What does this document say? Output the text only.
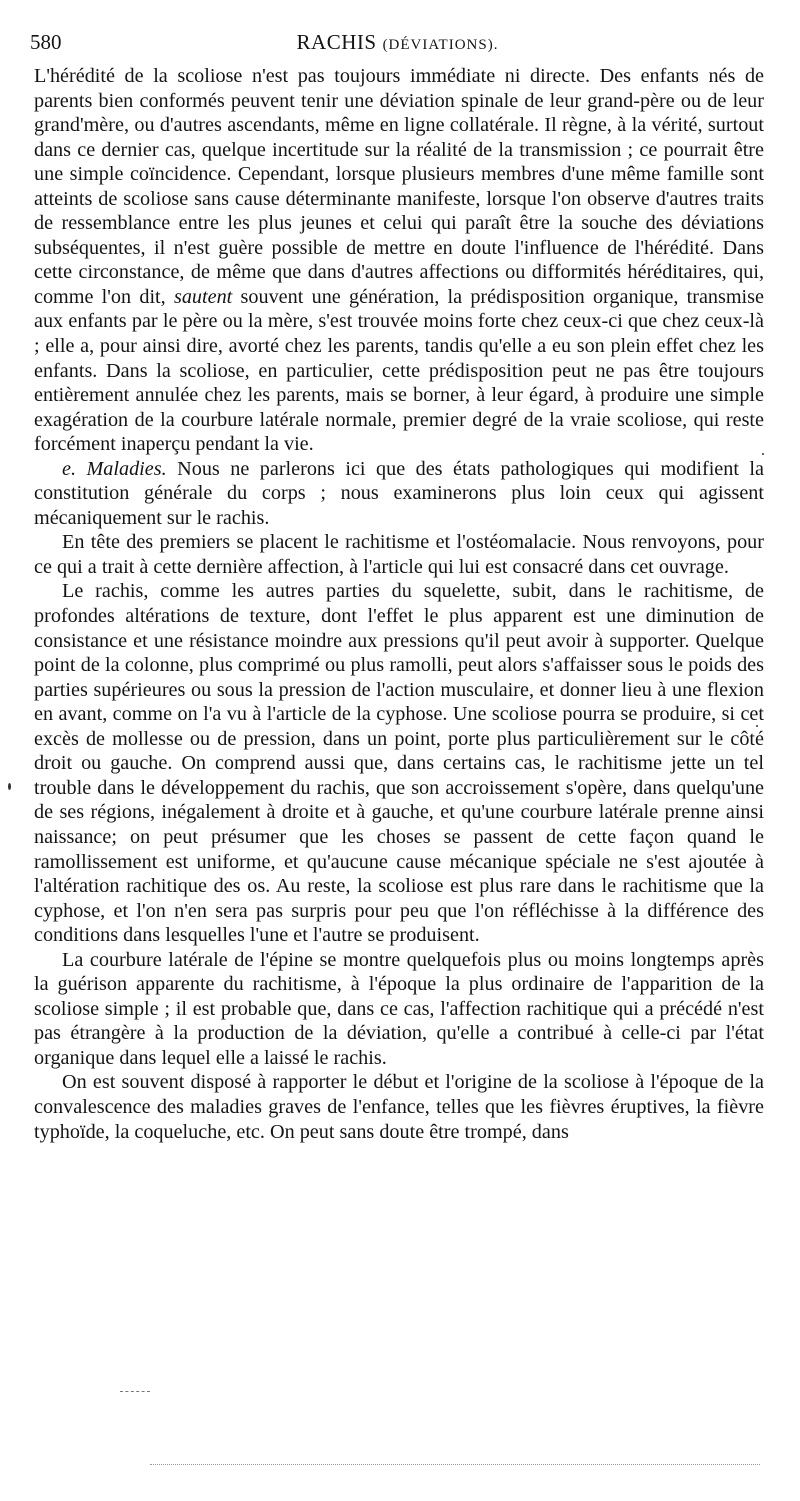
580	RACHIS (DÉVIATIONS).

L'hérédité de la scoliose n'est pas toujours immédiate ni directe. Des enfants nés de parents bien conformés peuvent tenir une déviation spinale de leur grand-père ou de leur grand'mère, ou d'autres ascendants, même en ligne collatérale. Il règne, à la vérité, surtout dans ce dernier cas, quelque incertitude sur la réalité de la transmission ; ce pourrait être une simple coïncidence. Cependant, lorsque plusieurs membres d'une même famille sont atteints de scoliose sans cause déterminante manifeste, lorsque l'on observe d'autres traits de ressemblance entre les plus jeunes et celui qui paraît être la souche des déviations subséquentes, il n'est guère possible de mettre en doute l'influence de l'hérédité. Dans cette circonstance, de même que dans d'autres affections ou difformités héréditaires, qui, comme l'on dit, sautent souvent une génération, la prédisposition organique, transmise aux enfants par le père ou la mère, s'est trouvée moins forte chez ceux-ci que chez ceux-là ; elle a, pour ainsi dire, avorté chez les parents, tandis qu'elle a eu son plein effet chez les enfants. Dans la scoliose, en particulier, cette prédisposition peut ne pas être toujours entièrement annulée chez les parents, mais se borner, à leur égard, à produire une simple exagération de la courbure latérale normale, premier degré de la vraie scoliose, qui reste forcément inaperçu pendant la vie.

e. Maladies. Nous ne parlerons ici que des états pathologiques qui modifient la constitution générale du corps ; nous examinerons plus loin ceux qui agissent mécaniquement sur le rachis.

En tête des premiers se placent le rachitisme et l'ostéomalacie. Nous renvoyons, pour ce qui a trait à cette dernière affection, à l'article qui lui est consacré dans cet ouvrage.

Le rachis, comme les autres parties du squelette, subit, dans le rachitisme, de profondes altérations de texture, dont l'effet le plus apparent est une diminution de consistance et une résistance moindre aux pressions qu'il peut avoir à supporter. Quelque point de la colonne, plus comprimé ou plus ramolli, peut alors s'affaisser sous le poids des parties supérieures ou sous la pression de l'action musculaire, et donner lieu à une flexion en avant, comme on l'a vu à l'article de la cyphose. Une scoliose pourra se produire, si cet excès de mollesse ou de pression, dans un point, porte plus particulièrement sur le côté droit ou gauche. On comprend aussi que, dans certains cas, le rachitisme jette un tel trouble dans le développement du rachis, que son accroissement s'opère, dans quelqu'une de ses régions, inégalement à droite et à gauche, et qu'une courbure latérale prenne ainsi naissance; on peut présumer que les choses se passent de cette façon quand le ramollissement est uniforme, et qu'aucune cause mécanique spéciale ne s'est ajoutée à l'altération rachitique des os. Au reste, la scoliose est plus rare dans le rachitisme que la cyphose, et l'on n'en sera pas surpris pour peu que l'on réfléchisse à la différence des conditions dans lesquelles l'une et l'autre se produisent.

La courbure latérale de l'épine se montre quelquefois plus ou moins longtemps après la guérison apparente du rachitisme, à l'époque la plus ordinaire de l'apparition de la scoliose simple ; il est probable que, dans ce cas, l'affection rachitique qui a précédé n'est pas étrangère à la production de la déviation, qu'elle a contribué à celle-ci par l'état organique dans lequel elle a laissé le rachis.

On est souvent disposé à rapporter le début et l'origine de la scoliose à l'époque de la convalescence des maladies graves de l'enfance, telles que les fièvres éruptives, la fièvre typhoïde, la coqueluche, etc. On peut sans doute être trompé, dans
